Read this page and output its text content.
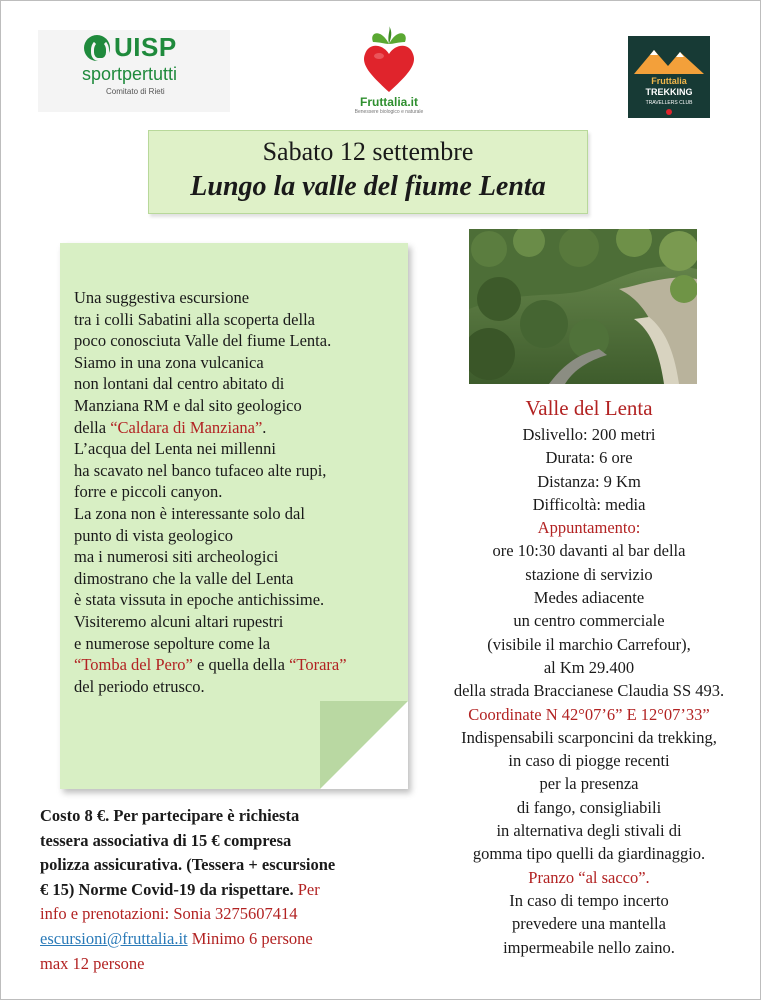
UISP
sportpertutti
Comitato di Rieti
Fruttalia.it
Benessere biologico e naturale
Fruttalia
TREKKING
TRAVELLERS CLUB
Sabato 12 settembre
Lungo la valle del fiume Lenta
Una suggestiva escursione
tra i colli Sabatini alla scoperta della
poco conosciuta Valle del fiume Lenta.
Siamo in una zona vulcanica
non lontani dal centro abitato di
Manziana RM e dal sito geologico
della “Caldara di Manziana”.
L’acqua del Lenta nei millenni
ha scavato nel banco tufaceo alte rupi,
forre e piccoli canyon.
La zona non è interessante solo dal
punto di vista geologico
ma i numerosi siti archeologici
dimostrano che la valle del Lenta
è stata vissuta in epoche antichissime.
Visiteremo alcuni altari rupestri
e numerose sepolture come la
“Tomba del Pero” e quella della “Torara”
del periodo etrusco.
Valle del Lenta
Dslivello: 200 metri
Durata: 6 ore
Distanza: 9 Km
Difficoltà: media
Appuntamento:
ore 10:30 davanti al bar della
stazione di servizio
Medes adiacente
un centro commerciale
(visibile il marchio Carrefour),
al Km 29.400
della strada Braccianese Claudia SS 493.
Coordinate N 42°07’6” E 12°07’33”
Indispensabili scarponcini da trekking,
in caso di piogge recenti
per la presenza
di fango, consigliabili
in alternativa degli stivali di
gomma tipo quelli da giardinaggio.
Pranzo “al sacco”.
In caso di tempo incerto
prevedere una mantella
impermeabile nello zaino.
Costo 8 €. Per partecipare è richiesta
tessera associativa di 15 € compresa
polizza assicurativa. (Tessera + escursione
€ 15) Norme Covid-19 da rispettare. Per
info e prenotazioni: Sonia 3275607414
escursioni@fruttalia.it Minimo 6 persone
max 12 persone
